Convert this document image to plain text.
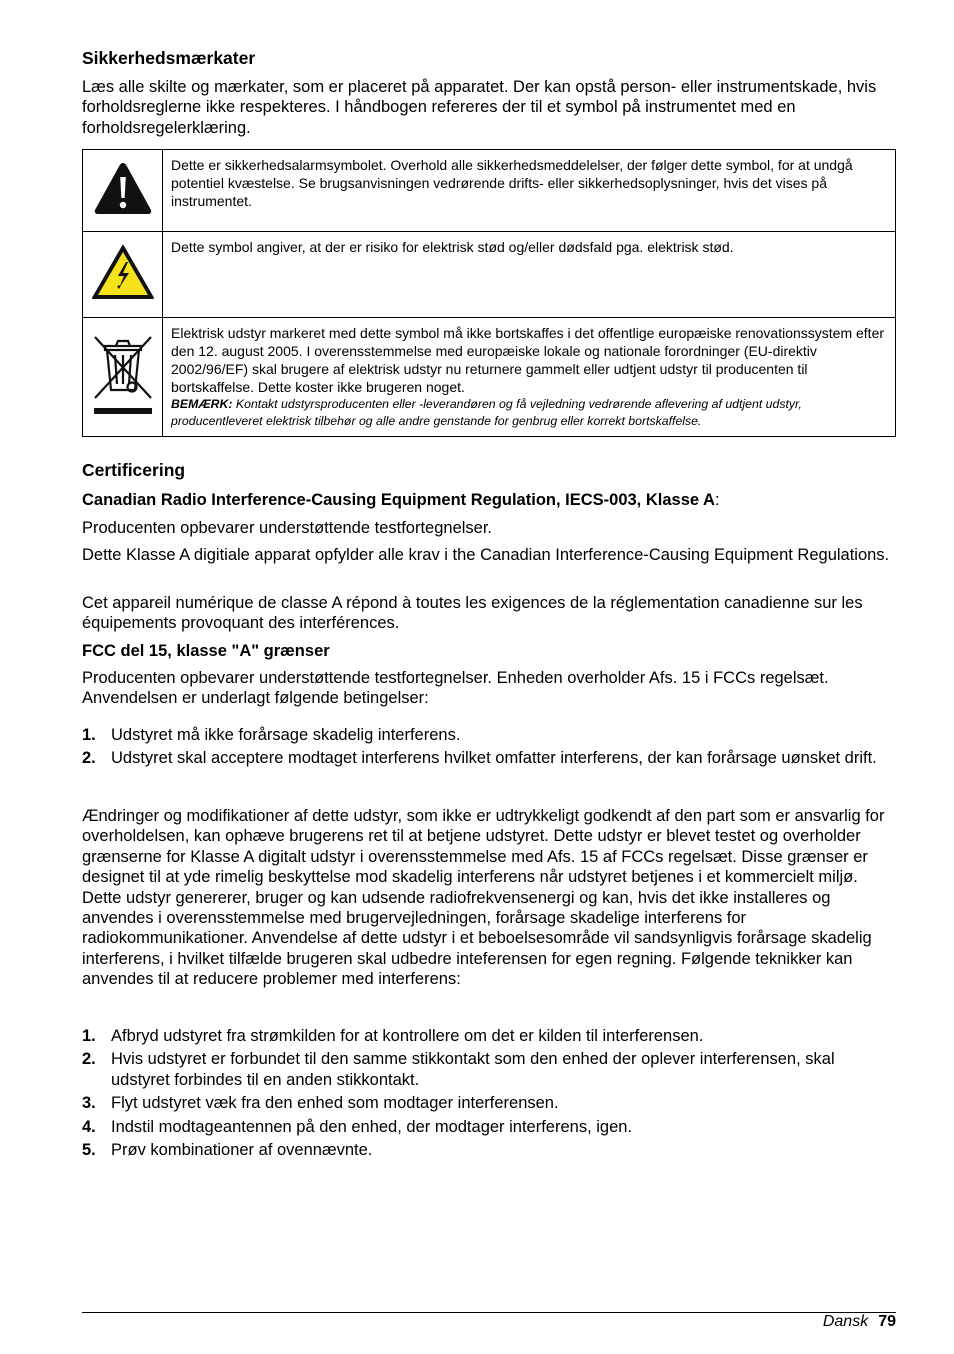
Sikkerhedsmærkater
Læs alle skilte og mærkater, som er placeret på apparatet. Der kan opstå person- eller instrumentskade, hvis forholdsreglerne ikke respekteres. I håndbogen refereres der til et symbol på instrumentet med en forholdsregelerklæring.
	Dette er sikkerhedsalarmsymbolet. Overhold alle sikkerhedsmeddelelser, der følger dette symbol, for at undgå potentiel kvæstelse. Se brugsanvisningen vedrørende drifts- eller sikkerhedsoplysninger, hvis det vises på instrumentet.
	Dette symbol angiver, at der er risiko for elektrisk stød og/eller dødsfald pga. elektrisk stød.

Elektrisk udstyr markeret med dette symbol må ikke bortskaffes i det offentlige europæiske renovationssystem efter den 12. august 2005. I overensstemmelse med europæiske lokale og nationale forordninger (EU-direktiv 2002/96/EF) skal brugere af elektrisk udstyr nu returnere gammelt eller udtjent udstyr til producenten til bortskaffelse. Dette koster ikke brugeren noget.
BEMÆRK: Kontakt udstyrsproducenten eller -leverandøren og få vejledning vedrørende aflevering af udtjent udstyr, producentleveret elektrisk tilbehør og alle andre genstande for genbrug eller korrekt bortskaffelse.
Certificering
Canadian Radio Interference-Causing Equipment Regulation, IECS-003, Klasse A:
Producenten opbevarer understøttende testfortegnelser.
Dette Klasse A digitiale apparat opfylder alle krav i the Canadian Interference-Causing Equipment Regulations.
Cet appareil numérique de classe A répond à toutes les exigences de la réglementation canadienne sur les équipements provoquant des interférences.
FCC del 15, klasse "A" grænser
Producenten opbevarer understøttende testfortegnelser. Enheden overholder Afs. 15 i FCCs regelsæt. Anvendelsen er underlagt følgende betingelser:
1. Udstyret må ikke forårsage skadelig interferens.
2. Udstyret skal acceptere modtaget interferens hvilket omfatter interferens, der kan forårsage uønsket drift.
Ændringer og modifikationer af dette udstyr, som ikke er udtrykkeligt godkendt af den part som er ansvarlig for overholdelsen, kan ophæve brugerens ret til at betjene udstyret. Dette udstyr er blevet testet og overholder grænserne for Klasse A digitalt udstyr i overensstemmelse med Afs. 15 af FCCs regelsæt. Disse grænser er designet til at yde rimelig beskyttelse mod skadelig interferens når udstyret betjenes i et kommercielt miljø. Dette udstyr genererer, bruger og kan udsende radiofrekvensenergi og kan, hvis det ikke installeres og anvendes i overensstemmelse med brugervejledningen, forårsage skadelige interferens for radiokommunikationer. Anvendelse af dette udstyr i et beboelsesområde vil sandsynligvis forårsage skadelig interferens, i hvilket tilfælde brugeren skal udbedre inteferensen for egen regning. Følgende teknikker kan anvendes til at reducere problemer med interferens:
1. Afbryd udstyret fra strømkilden for at kontrollere om det er kilden til interferensen.
2. Hvis udstyret er forbundet til den samme stikkontakt som den enhed der oplever interferensen, skal udstyret forbindes til en anden stikkontakt.
3. Flyt udstyret væk fra den enhed som modtager interferensen.
4. Indstil modtageantennen på den enhed, der modtager interferens, igen.
5. Prøv kombinationer af ovennævnte.
Dansk 79
